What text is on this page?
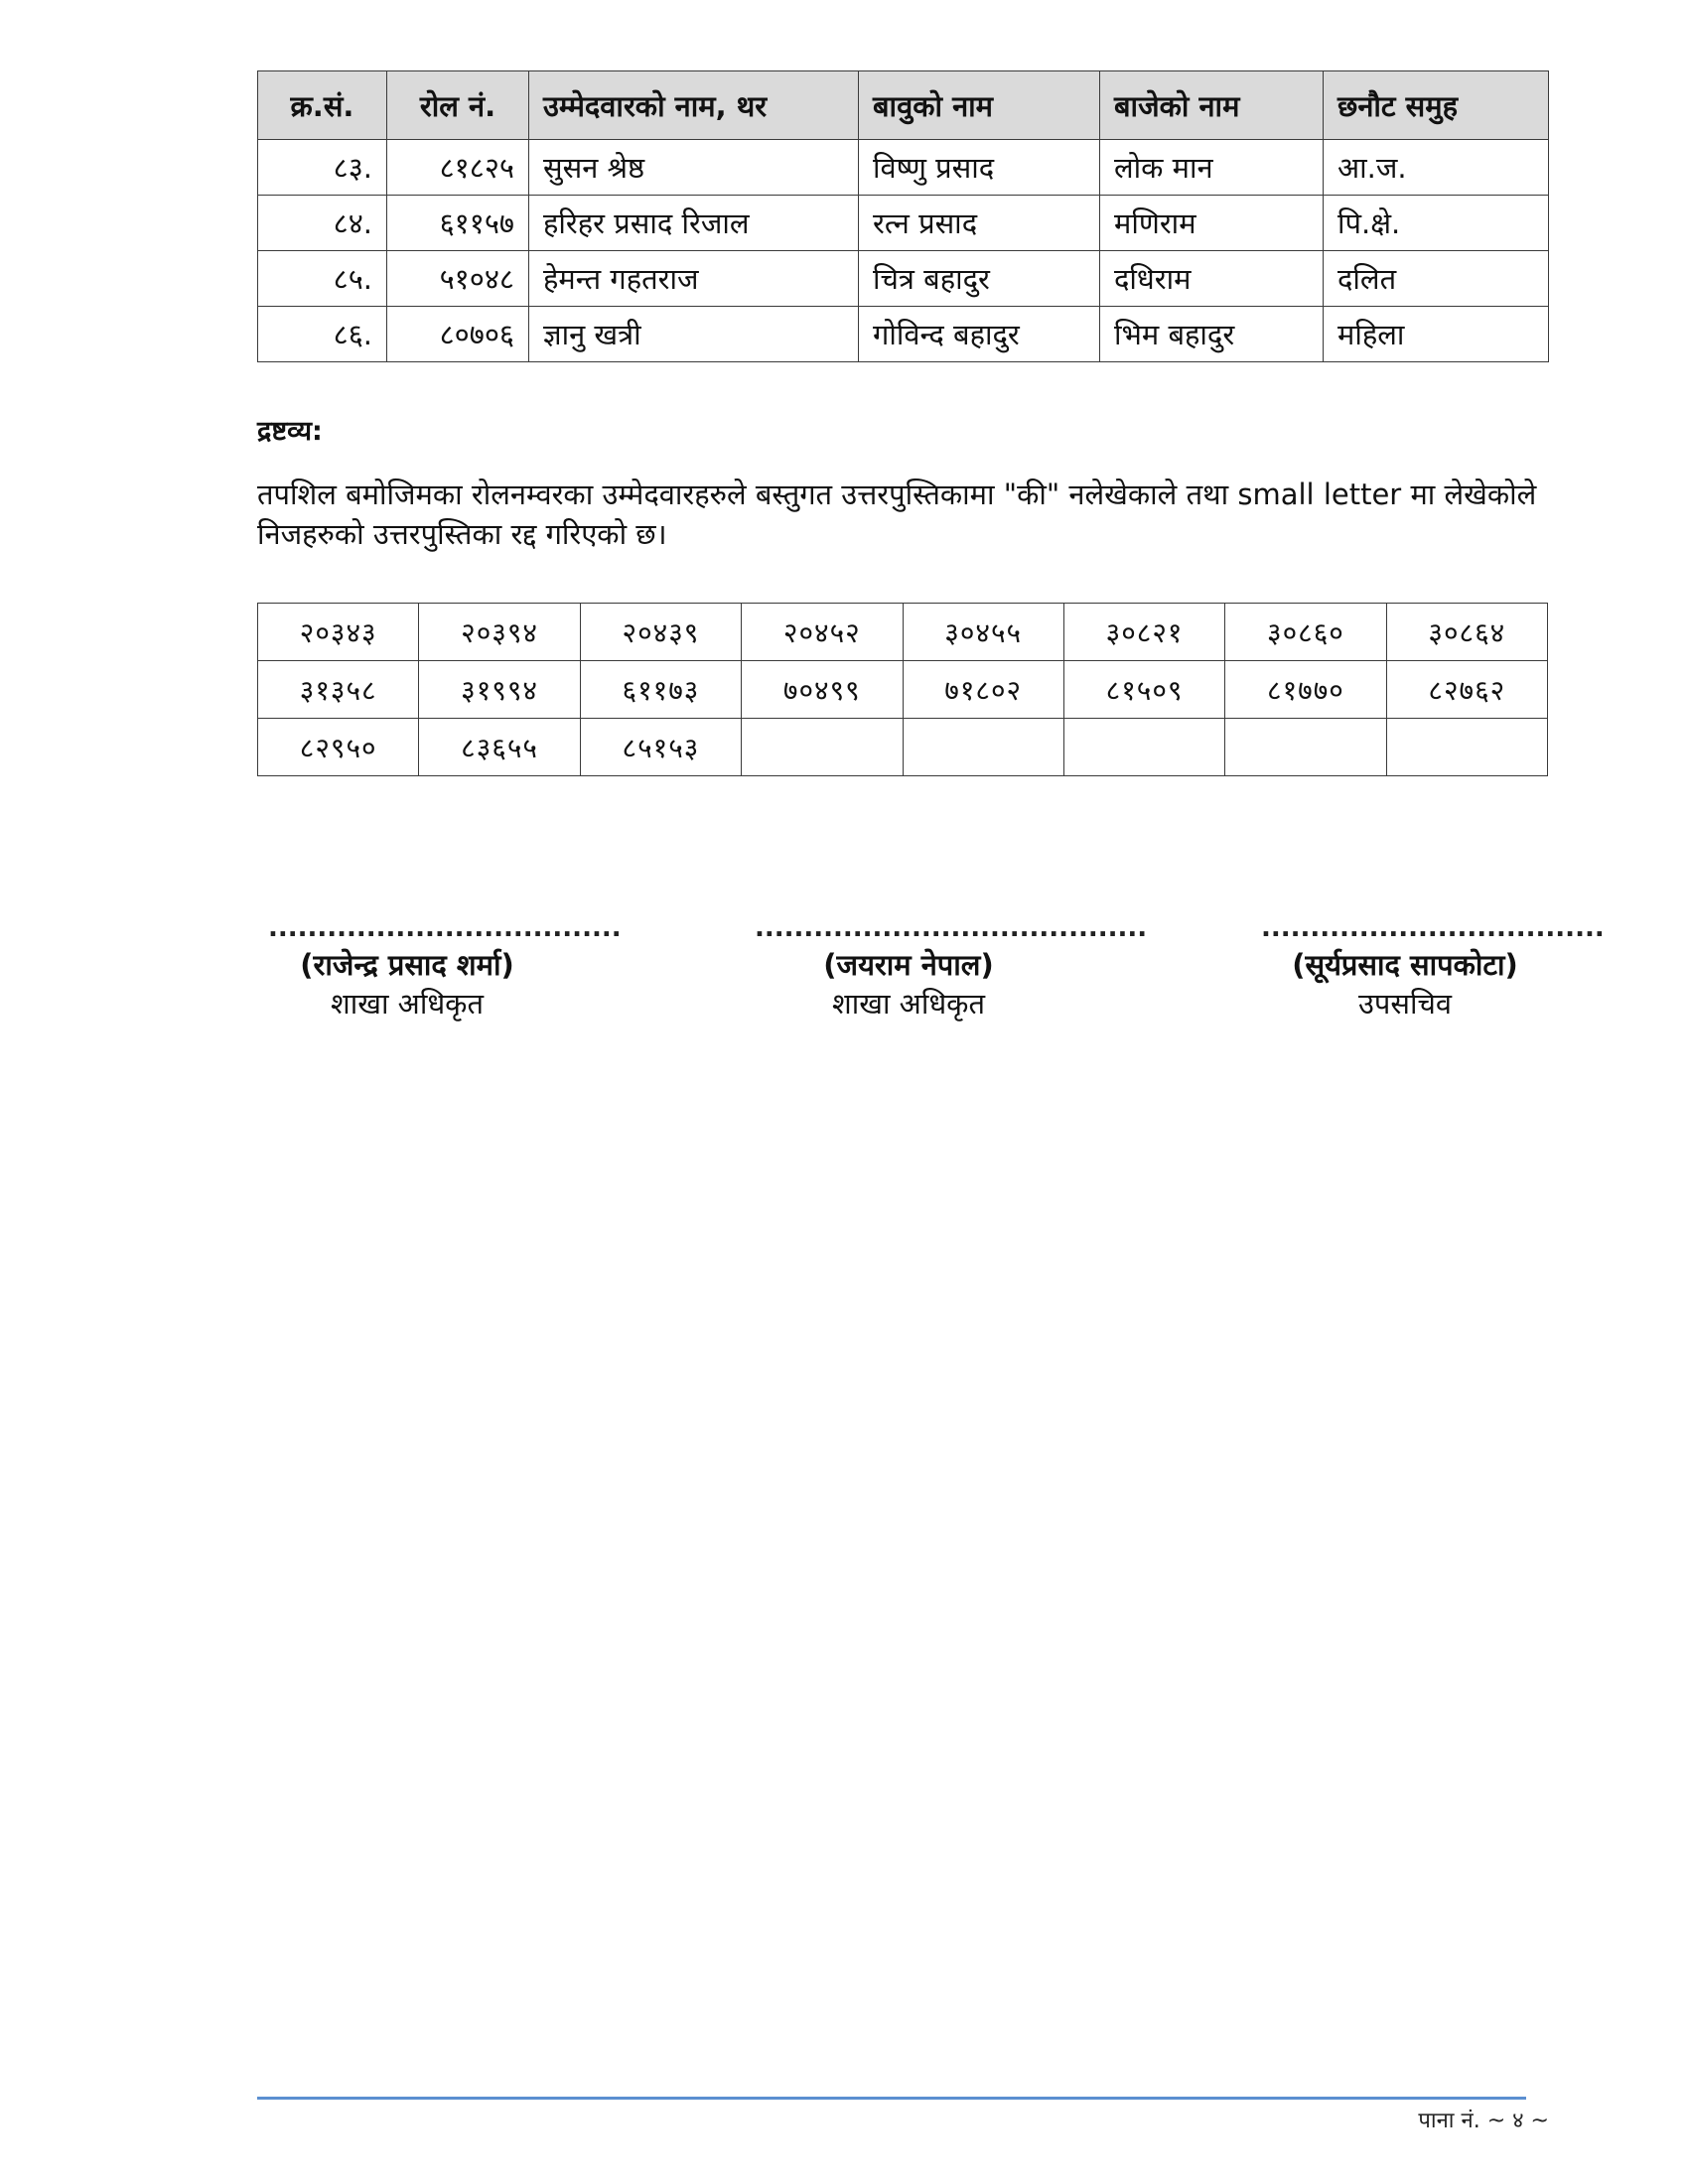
क्र.सं.	रोल नं.	उम्मेदवारको नाम, थर	बावुको नाम	बाजेको नाम	छनौट समुह
८३.	८१८२५	सुसन श्रेष्ठ	विष्णु प्रसाद	लोक मान	आ.ज.
८४.	६११५७	हरिहर प्रसाद रिजाल	रत्न प्रसाद	मणिराम	पि.क्षे.
८५.	५१०४८	हेमन्त गहतराज	चित्र बहादुर	दधिराम	दलित
८६.	८०७०६	ज्ञानु खत्री	गोविन्द बहादुर	भिम बहादुर	महिला
द्रष्टव्य:

तपशिल बमोजिमका रोलनम्वरका उम्मेदवारहरुले बस्तुगत उत्तरपुस्तिकामा "की" नलेखेकाले तथा small letter मा लेखेकोले निजहरुको उत्तरपुस्तिका रद्द गरिएको छ।

२०३४३	२०३९४	२०४३९	२०४५२	३०४५५	३०८२१	३०८६०	३०८६४
३१३५८	३१९९४	६११७३	७०४९९	७१८०२	८१५०९	८१७७०	८२७६२
८२९५०	८३६५५	८५१५३					
....................................
(राजेन्द्र प्रसाद शर्मा)
शाखा अधिकृत
........................................
(जयराम नेपाल)
शाखा अधिकृत
...................................
(सूर्यप्रसाद सापकोटा)
उपसचिव
पाना नं. ~ ४ ~
